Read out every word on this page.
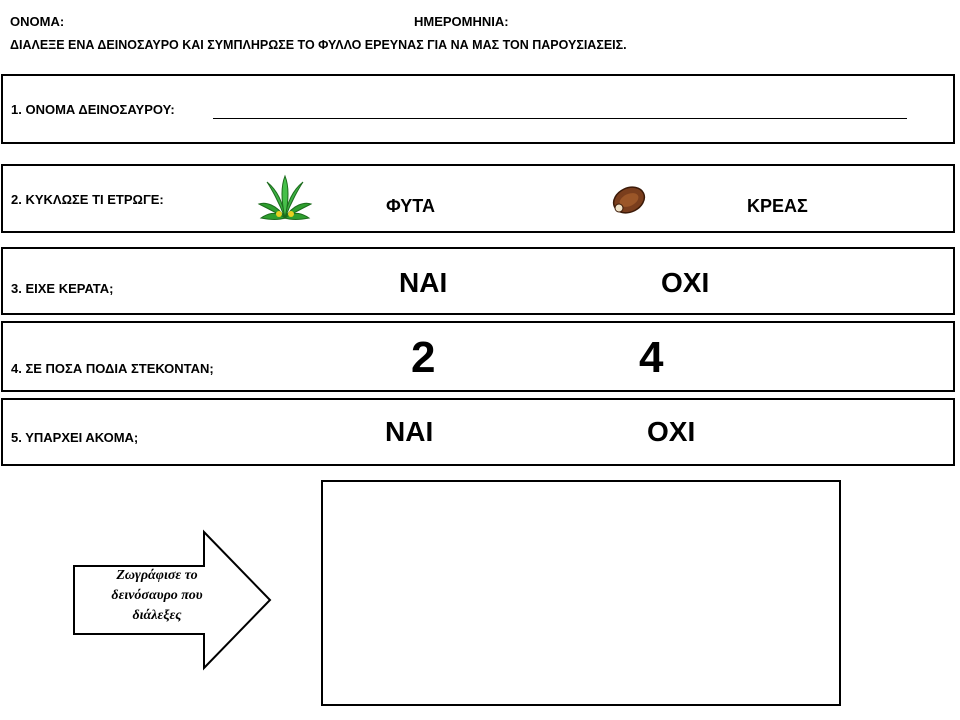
ΟΝΟΜΑ:	ΗΜΕΡΟΜΗΝΙΑ:
ΔΙΑΛΕΞΕ ΕΝΑ ΔΕΙΝΟΣΑΥΡΟ ΚΑΙ ΣΥΜΠΛΗΡΩΣΕ ΤΟ ΦΥΛΛΟ ΕΡΕΥΝΑΣ ΓΙΑ ΝΑ ΜΑΣ ΤΟΝ ΠΑΡΟΥΣΙΑΣΕΙΣ.
1. ΟΝΟΜΑ ΔΕΙΝΟΣΑΥΡΟΥ:
2. ΚΥΚΛΩΣΕ ΤΙ ΕΤΡΩΓΕ:	ΦΥΤΑ	ΚΡΕΑΣ
3. ΕΙΧΕ ΚΕΡΑΤΑ;	ΝΑΙ	ΟΧΙ
4. ΣΕ ΠΟΣΑ ΠΟΔΙΑ ΣΤΕΚΟΝΤΑΝ;	2	4
5. ΥΠΑΡΧΕΙ ΑΚΟΜΑ;	ΝΑΙ	ΟΧΙ
Ζωγράφισε το
δεινόσαυρο που
διάλεξες
